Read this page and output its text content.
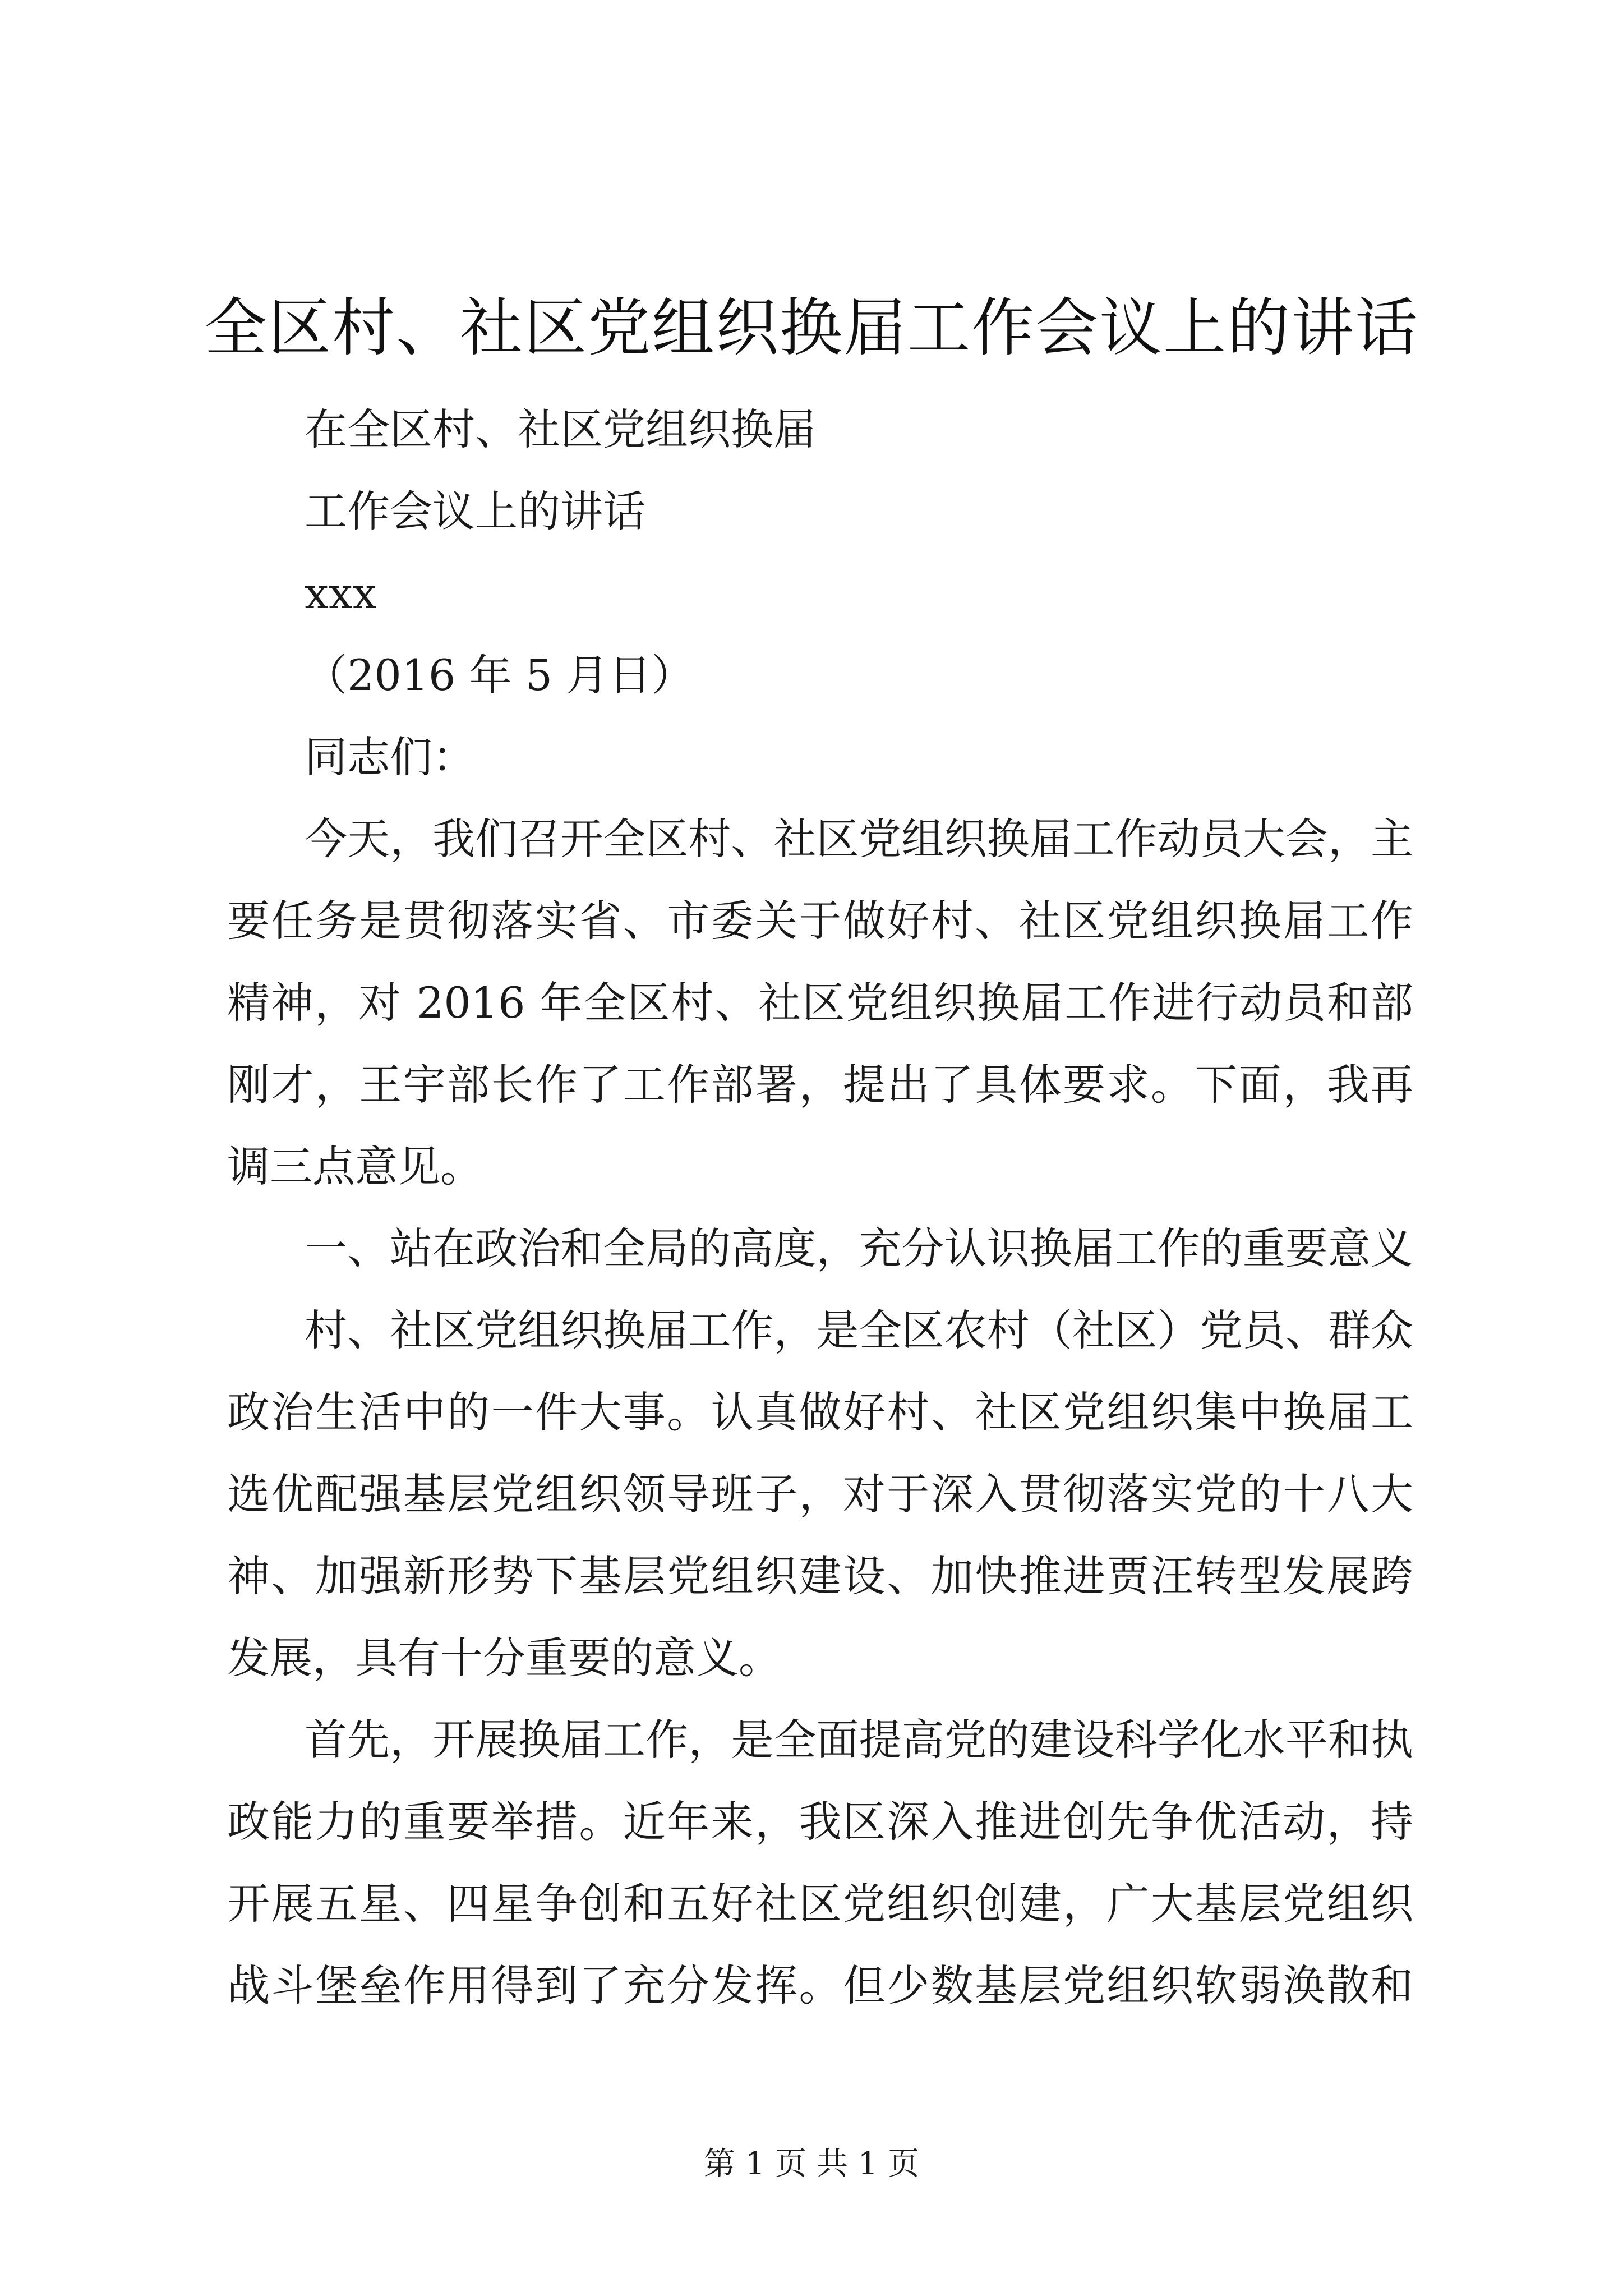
全区村、社区党组织换届工作会议上的讲话
在全区村、社区党组织换届
工作会议上的讲话
xxx
（2016 年 5 月日）
同志们：
今天，我们召开全区村、社区党组织换届工作动员大会，主
要任务是贯彻落实省、市委关于做好村、社区党组织换届工作
精神，对 2016 年全区村、社区党组织换届工作进行动员和部
刚才，王宇部长作了工作部署，提出了具体要求。下面，我再
调三点意见。
一、站在政治和全局的高度，充分认识换届工作的重要意义
村、社区党组织换届工作，是全区农村（社区）党员、群众
政治生活中的一件大事。认真做好村、社区党组织集中换届工
选优配强基层党组织领导班子，对于深入贯彻落实党的十八大
神、加强新形势下基层党组织建设、加快推进贾汪转型发展跨
发展，具有十分重要的意义。
首先，开展换届工作，是全面提高党的建设科学化水平和执
政能力的重要举措。近年来，我区深入推进创先争优活动，持
开展五星、四星争创和五好社区党组织创建，广大基层党组织
战斗堡垒作用得到了充分发挥。但少数基层党组织软弱涣散和
第 1 页 共 1 页
